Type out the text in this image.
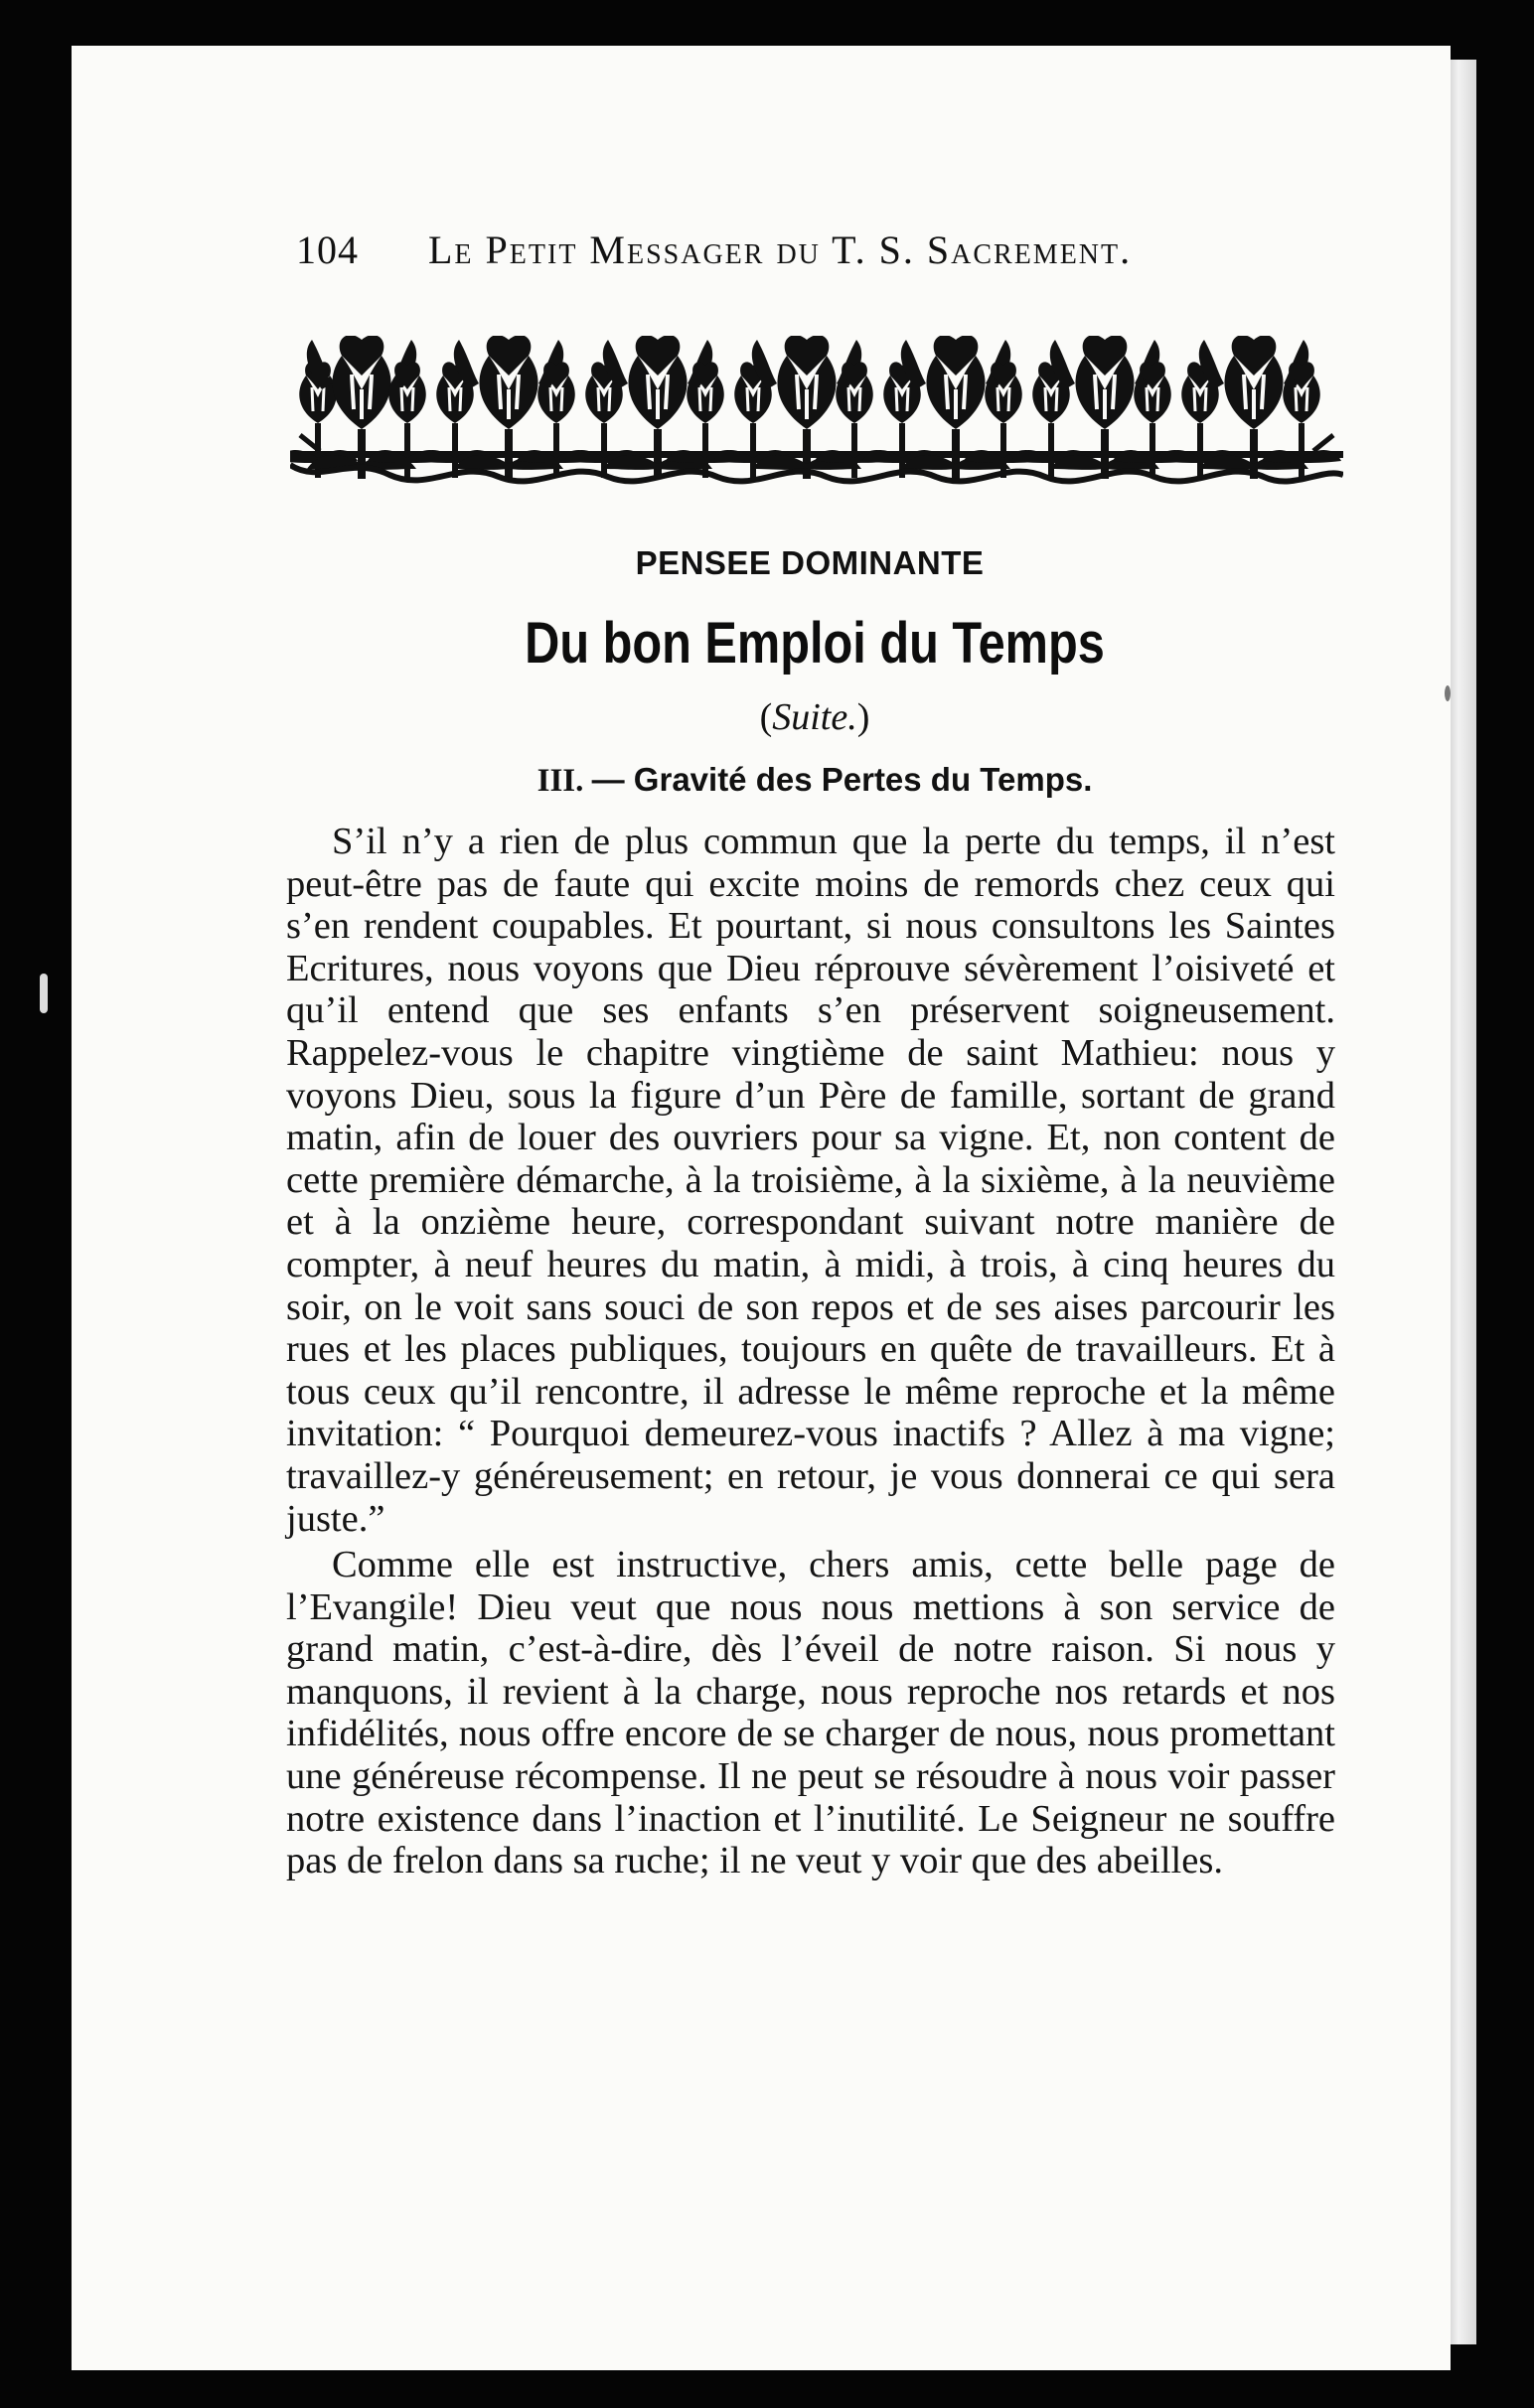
104 Le Petit Messager du T. S. Sacrement.
PENSEE DOMINANTE
Du bon Emploi du Temps
(Suite.)
III. — Gravité des Pertes du Temps.

S’il n’y a rien de plus commun que la perte du temps, il n’est peut-être pas de faute qui excite moins de remords chez ceux qui s’en rendent coupables. Et pourtant, si nous consultons les Saintes Ecritures, nous voyons que Dieu réprouve sévèrement l’oisiveté et qu’il entend que ses enfants s’en préservent soigneusement. Rappelez-vous le chapitre vingtième de saint Mathieu: nous y voyons Dieu, sous la figure d’un Père de famille, sortant de grand matin, afin de louer des ouvriers pour sa vigne. Et, non content de cette première démarche, à la troisième, à la sixième, à la neuvième et à la onzième heure, correspondant suivant notre manière de compter, à neuf heures du matin, à midi, à trois, à cinq heures du soir, on le voit sans souci de son repos et de ses aises parcourir les rues et les places publiques, toujours en quête de travailleurs. Et à tous ceux qu’il rencontre, il adresse le même reproche et la même invitation: “ Pourquoi demeurez-vous inactifs ? Allez à ma vigne; travaillez-y généreusement; en retour, je vous donnerai ce qui sera juste.”

Comme elle est instructive, chers amis, cette belle page de l’Evangile! Dieu veut que nous nous mettions à son service de grand matin, c’est-à-dire, dès l’éveil de notre raison. Si nous y manquons, il revient à la charge, nous reproche nos retards et nos infidélités, nous offre encore de se charger de nous, nous promettant une généreuse récompense. Il ne peut se résoudre à nous voir passer notre existence dans l’inaction et l’inutilité. Le Seigneur ne souffre pas de frelon dans sa ruche; il ne veut y voir que des abeilles.
